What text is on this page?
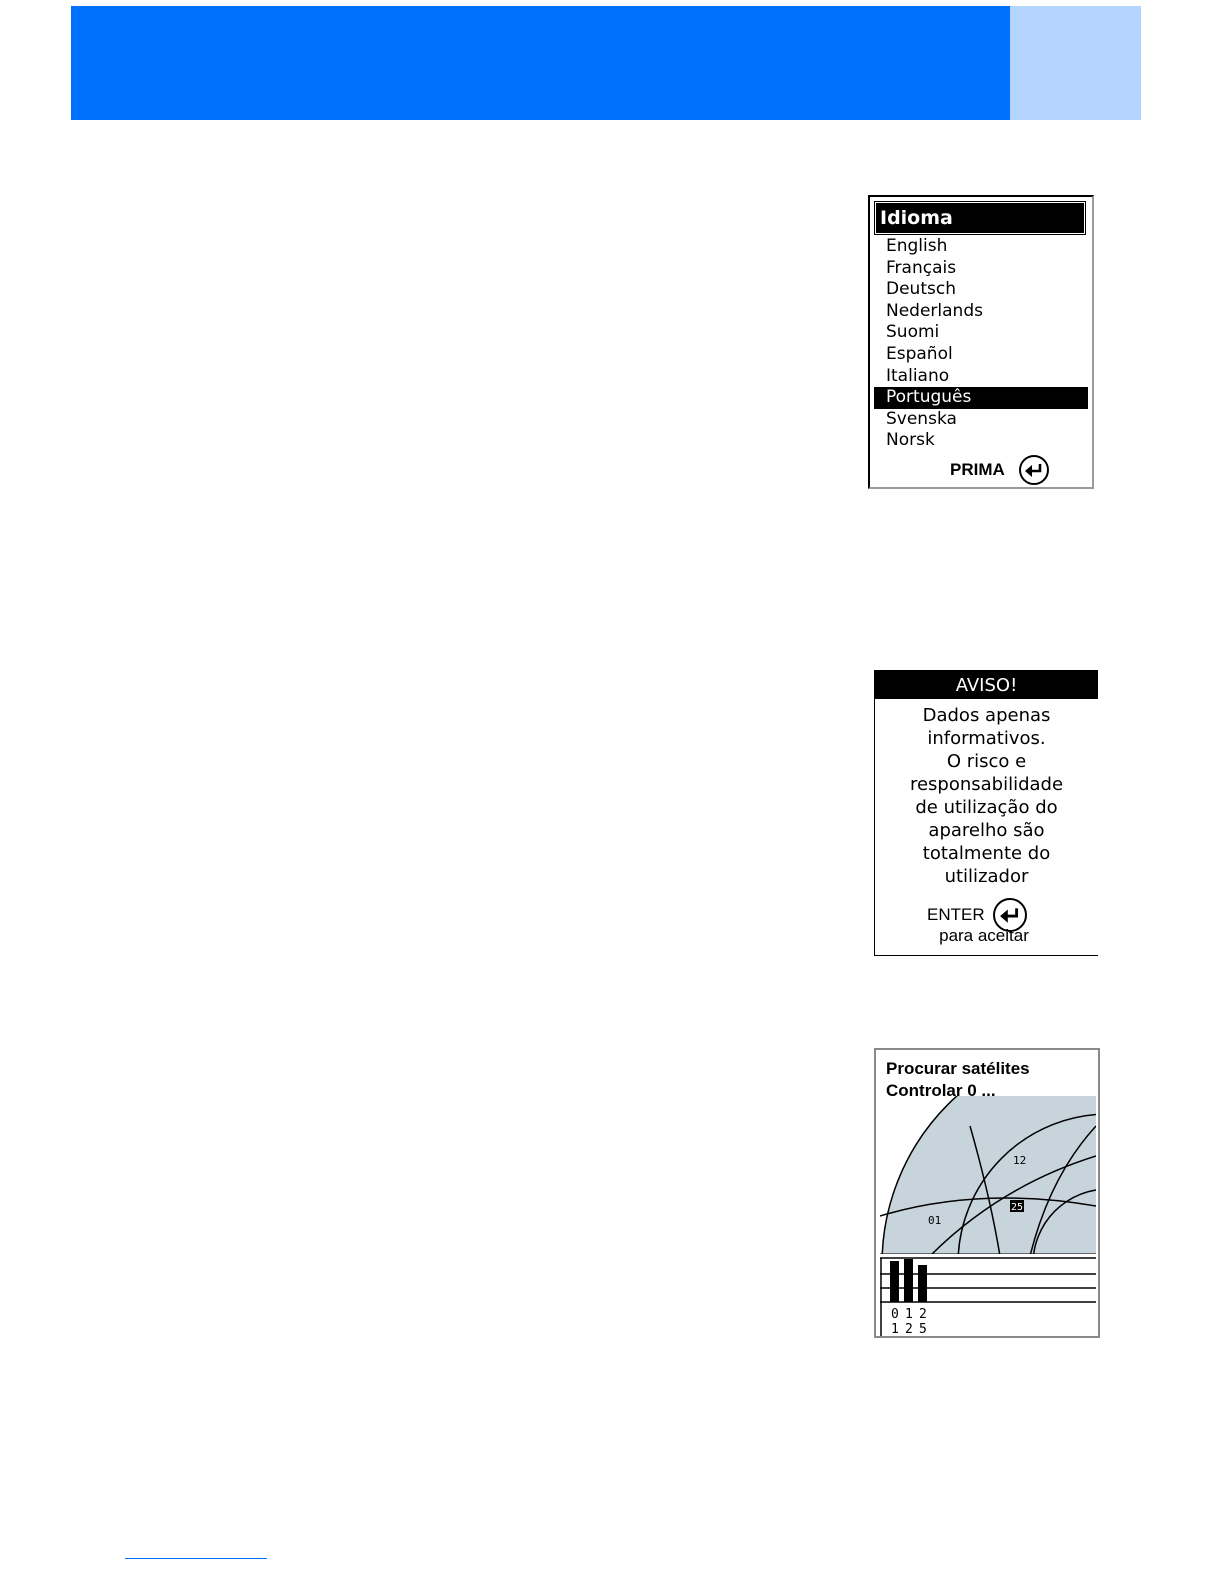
Idioma
English
Français
Deutsch
Nederlands
Suomi
Español
Italiano
Português
Svenska
Norsk
PRIMA
AVISO!
Dados apenas
informativos.
O risco e
responsabilidade
de utilização do
aparelho são
totalmente do
utilizador
ENTER
para aceitar
Procurar satélites
Controlar 0 ...
12
25
01
0 1 2
1 2 5
